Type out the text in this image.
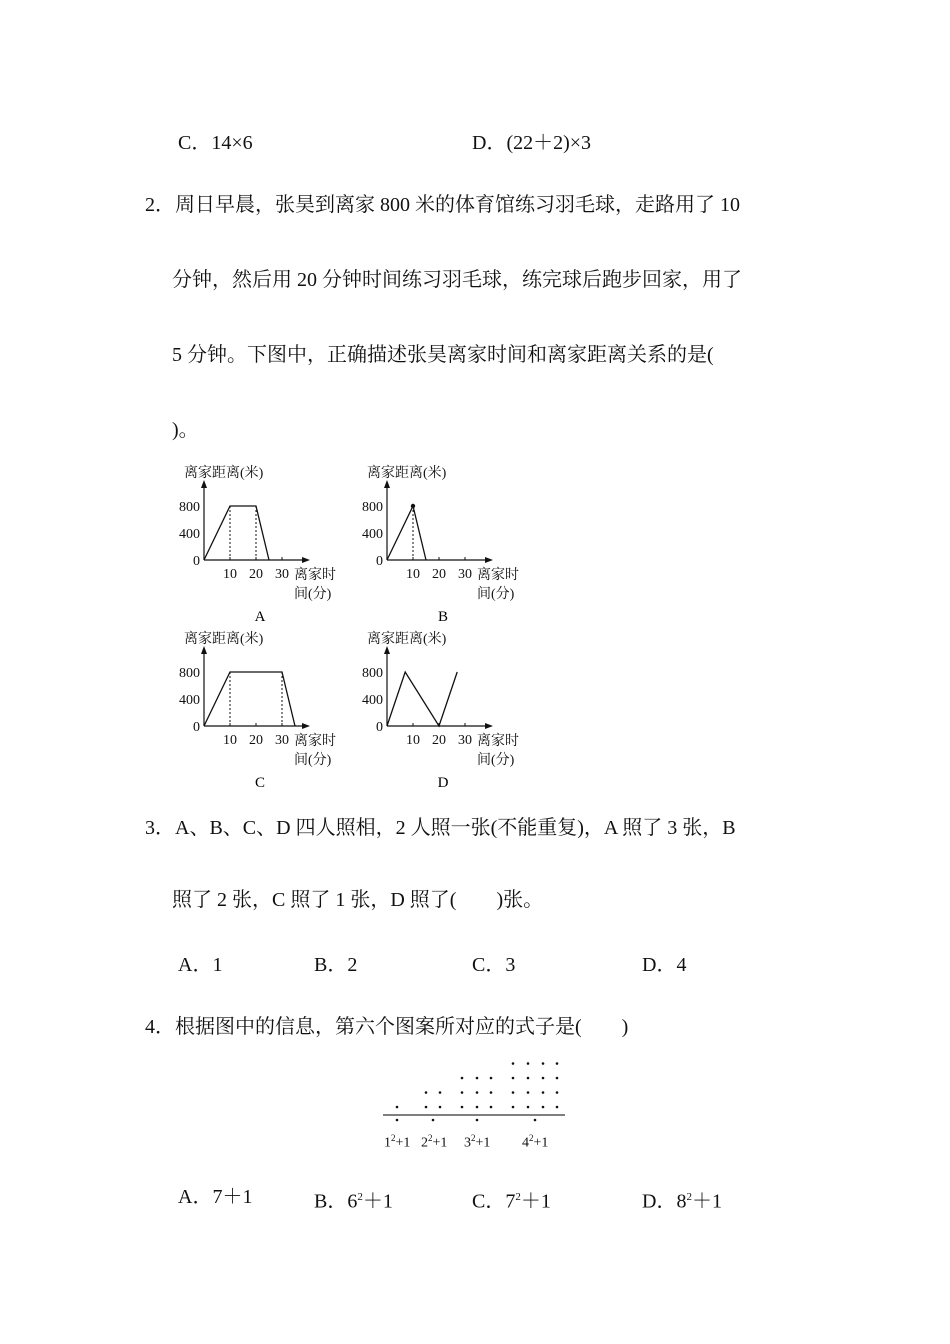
C．14×6	D．(22＋2)×3
2．周日早晨，张昊到离家 800 米的体育馆练习羽毛球，走路用了 10
分钟，然后用 20 分钟时间练习羽毛球，练完球后跑步回家，用了
5 分钟。下图中，正确描述张昊离家时间和离家距离关系的是(
)。
离家距离(米)
0
400
800
10 20 30 离家时
间(分)
A
离家距离(米)
0
400
800
10 20 30 离家时
间(分)
B
离家距离(米)
0
400
800
10 20 30 离家时
间(分)
C
离家距离(米)
0
400
800
10 20 30 离家时
间(分)
D
3．A、B、C、D 四人照相，2 人照一张(不能重复)，A 照了 3 张，B
照了 2 张，C 照了 1 张，D 照了(　　)张。
A．1	B．2	C．3	D．4
4．根据图中的信息，第六个图案所对应的式子是(　　)
$1^2+1$ $2^2+1$ $3^2+1$ $4^2+1$
A．7＋1	B．$6^2+1$	C．$7^2+1$	D．$8^2+1$
